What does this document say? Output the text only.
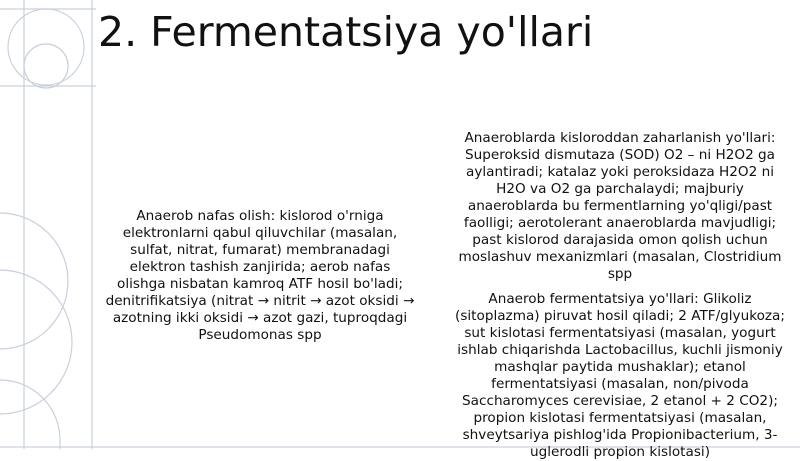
2. Fermentatsiya yo'llari

Anaerob nafas olish: kislorod o'rniga elektronlarni qabul qiluvchilar (masalan, sulfat, nitrat, fumarat) membranadagi elektron tashish zanjirida; aerob nafas olishga nisbatan kamroq ATF hosil bo'ladi; denitrifikatsiya (nitrat → nitrit → azot oksidi → azotning ikki oksidi → azot gazi, tuproqdagi Pseudomonas spp

Anaeroblarda kisloroddan zaharlanish yo'llari: Superoksid dismutaza (SOD) O2 – ni H2O2 ga aylantiradi; katalaz yoki peroksidaza H2O2 ni H2O va O2 ga parchalaydi; majburiy anaeroblarda bu fermentlarning yo'qligi/past faolligi; aerotolerant anaeroblarda mavjudligi; past kislorod darajasida omon qolish uchun moslashuv mexanizmlari (masalan, Clostridium spp

Anaerob fermentatsiya yo'llari: Glikoliz (sitoplazma) piruvat hosil qiladi; 2 ATF/glyukoza; sut kislotasi fermentatsiyasi (masalan, yogurt ishlab chiqarishda Lactobacillus, kuchli jismoniy mashqlar paytida mushaklar); etanol fermentatsiyasi (masalan, non/pivoda Saccharomyces cerevisiae, 2 etanol + 2 CO2); propion kislotasi fermentatsiyasi (masalan, shveytsariya pishlog'ida Propionibacterium, 3-uglerodli propion kislotasi)
